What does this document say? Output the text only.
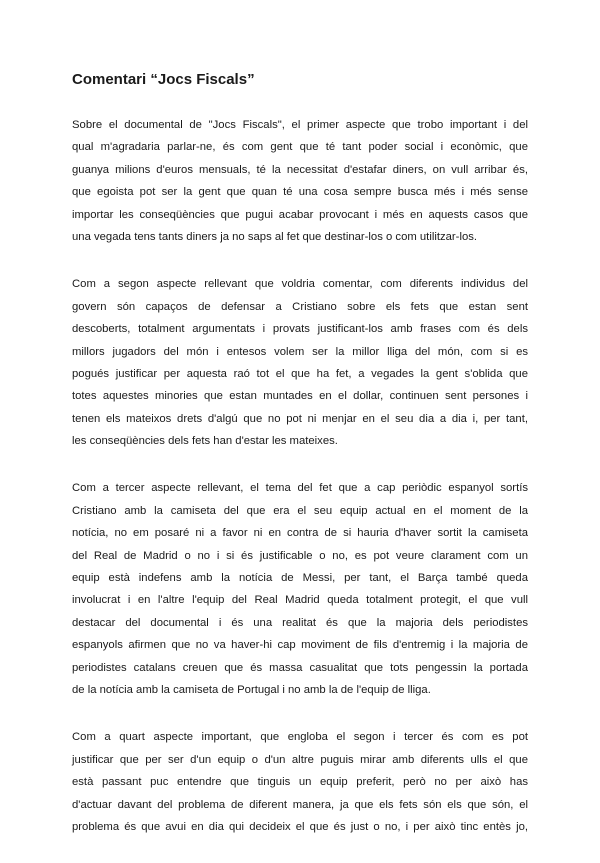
Comentari “Jocs Fiscals”
Sobre el documental de "Jocs Fiscals", el primer aspecte que trobo important i del
qual m'agradaria parlar-ne, és com gent que té tant poder social i econòmic, que
guanya milions d'euros mensuals, té la necessitat d'estafar diners, on vull arribar és,
que egoista pot ser la gent que quan té una cosa sempre busca més i més sense
importar les conseqüències que pugui acabar provocant i més en aquests casos que
una vegada tens tants diners ja no saps al fet que destinar-los o com utilitzar-los.
Com a segon aspecte rellevant que voldria comentar, com diferents individus del
govern són capaços de defensar a Cristiano sobre els fets que estan sent
descoberts, totalment argumentats i provats justificant-los amb frases com és dels
millors jugadors del món i entesos volem ser la millor lliga del món, com si es
pogués justificar per aquesta raó tot el que ha fet, a vegades la gent s'oblida que
totes aquestes minories que estan muntades en el dollar, continuen sent persones i
tenen els mateixos drets d'algú que no pot ni menjar en el seu dia a dia i, per tant,
les conseqüències dels fets han d'estar les mateixes.
Com a tercer aspecte rellevant, el tema del fet que a cap periòdic espanyol sortís
Cristiano amb la camiseta del que era el seu equip actual en el moment de la
notícia, no em posaré ni a favor ni en contra de si hauria d'haver sortit la camiseta
del Real de Madrid o no i si és justificable o no, es pot veure clarament com un
equip està indefens amb la notícia de Messi, per tant, el Barça també queda
involucrat i en l'altre l'equip del Real Madrid queda totalment protegit, el que vull
destacar del documental i és una realitat és que la majoria dels periodistes
espanyols afirmen que no va haver-hi cap moviment de fils d'entremig i la majoria de
periodistes catalans creuen que és massa casualitat que tots pengessin la portada
de la notícia amb la camiseta de Portugal i no amb la de l'equip de lliga.
Com a quart aspecte important, que engloba el segon i tercer és com es pot
justificar que per ser d'un equip o d'un altre puguis mirar amb diferents ulls el que
està passant puc entendre que tinguis un equip preferit, però no per això has
d'actuar davant del problema de diferent manera, ja que els fets són els que són, el
problema és que avui en dia qui decideix el que és just o no, i per això tinc entès jo,
